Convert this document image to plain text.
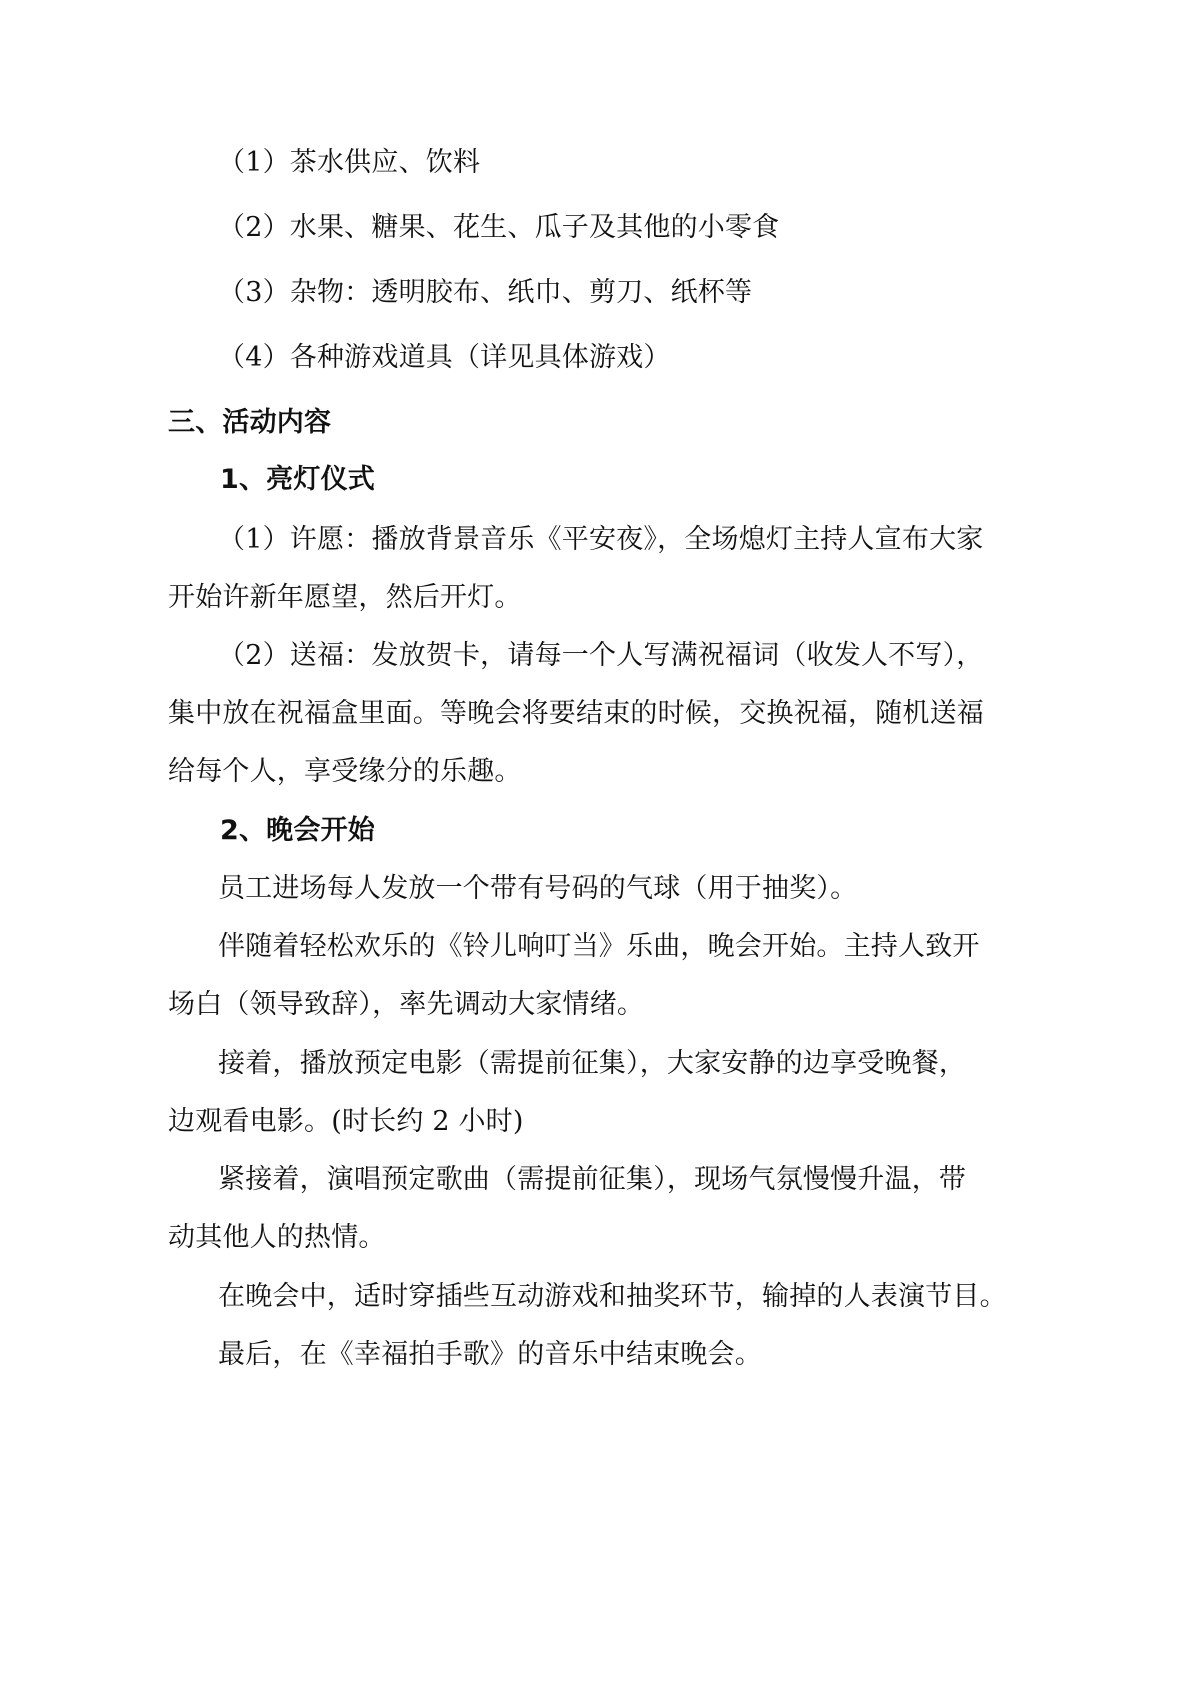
（1）茶水供应、饮料

（2）水果、糖果、花生、瓜子及其他的小零食

（3）杂物：透明胶布、纸巾、剪刀、纸杯等

（4）各种游戏道具（详见具体游戏）

三、活动内容

1、亮灯仪式

（1）许愿：播放背景音乐《平安夜》，全场熄灯主持人宣布大家

开始许新年愿望，然后开灯。

（2）送福：发放贺卡，请每一个人写满祝福词（收发人不写），

集中放在祝福盒里面。等晚会将要结束的时候，交换祝福，随机送福

给每个人，享受缘分的乐趣。

2、晚会开始

员工进场每人发放一个带有号码的气球（用于抽奖）。

伴随着轻松欢乐的《铃儿响叮当》乐曲，晚会开始。主持人致开

场白（领导致辞），率先调动大家情绪。

接着，播放预定电影（需提前征集），大家安静的边享受晚餐，

边观看电影。(时长约 2 小时)

紧接着，演唱预定歌曲（需提前征集），现场气氛慢慢升温，带

动其他人的热情。

在晚会中，适时穿插些互动游戏和抽奖环节，输掉的人表演节目。

最后，在《幸福拍手歌》的音乐中结束晚会。
